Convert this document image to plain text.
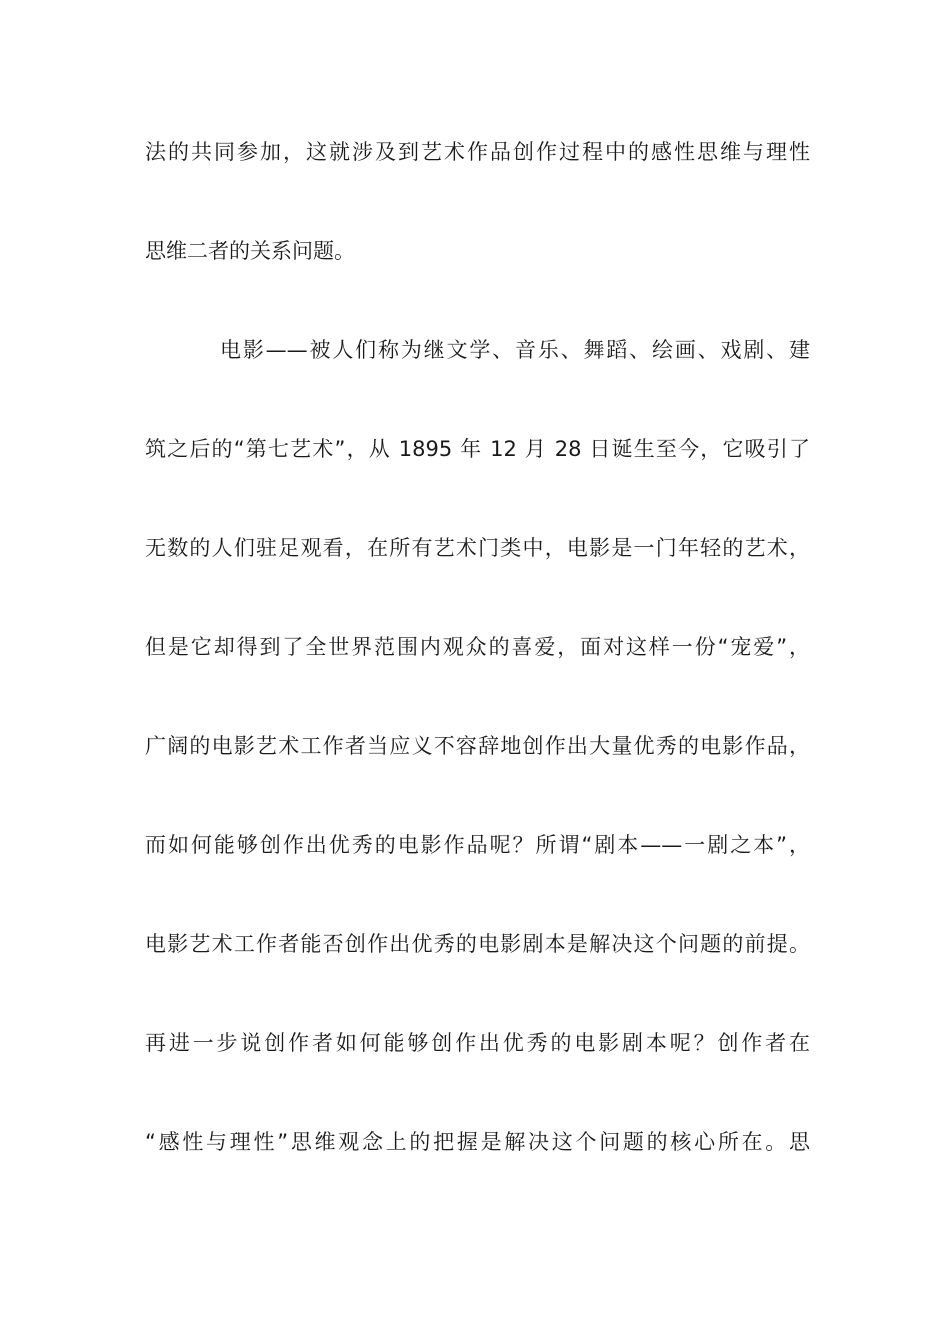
法的共同参加，这就涉及到艺术作品创作过程中的感性思维与理性
思维二者的关系问题。
电影——被人们称为继文学、音乐、舞蹈、绘画、戏剧、建
筑之后的“第七艺术”，从 1895 年 12 月 28 日诞生至今，它吸引了
无数的人们驻足观看，在所有艺术门类中，电影是一门年轻的艺术，
但是它却得到了全世界范围内观众的喜爱，面对这样一份“宠爱”，
广阔的电影艺术工作者当应义不容辞地创作出大量优秀的电影作品，
而如何能够创作出优秀的电影作品呢？所谓“剧本——一剧之本”，
电影艺术工作者能否创作出优秀的电影剧本是解决这个问题的前提。
再进一步说创作者如何能够创作出优秀的电影剧本呢？创作者在
“感性与理性”思维观念上的把握是解决这个问题的核心所在。思
